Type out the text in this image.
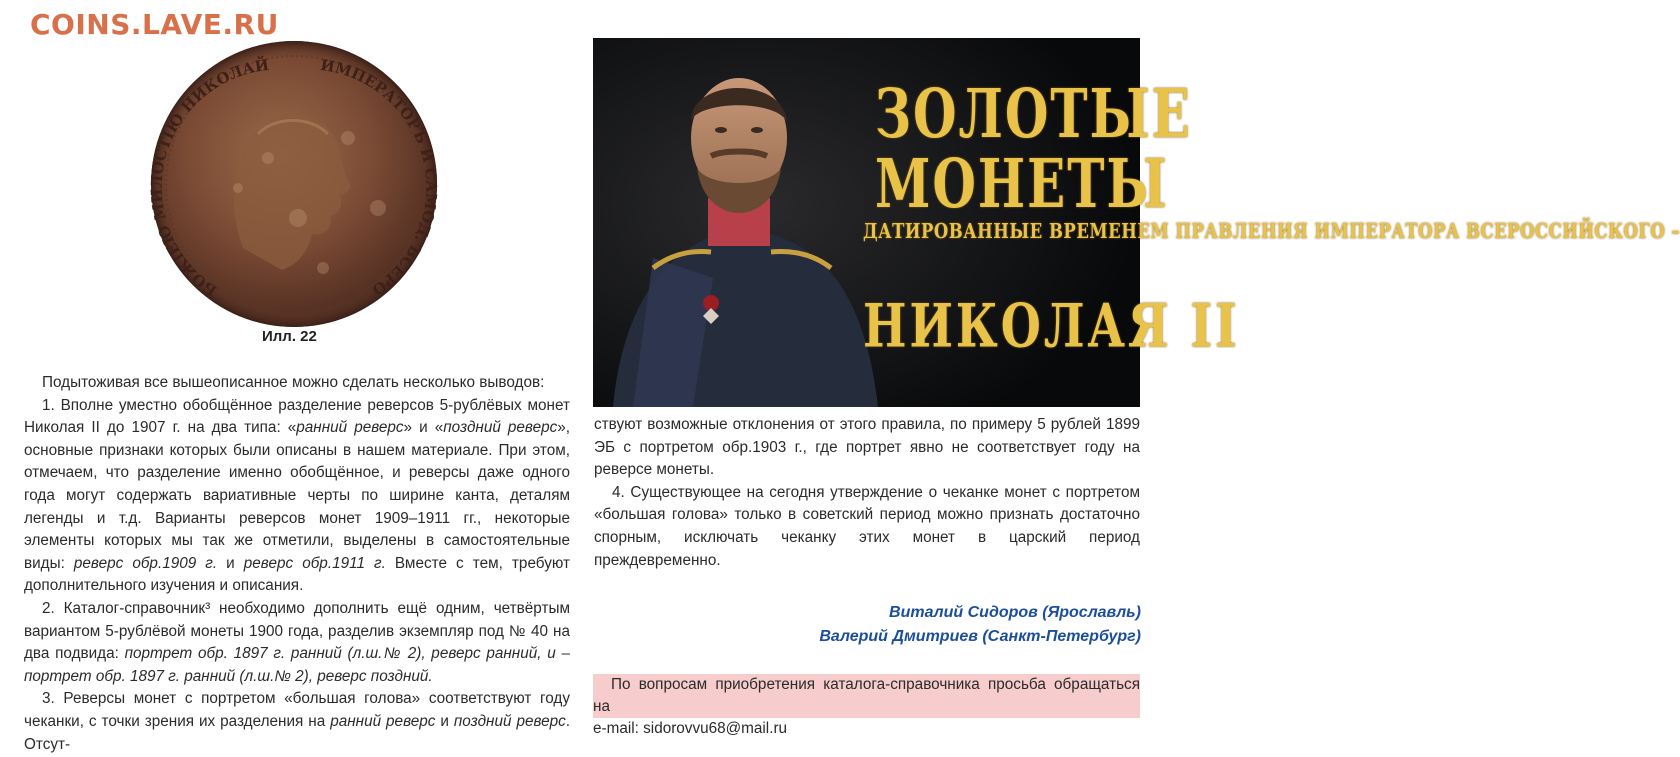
COINS.LAVE.RU
БОЖІЕЮ МИЛОСТІЮ НИКОЛАЙ	ИМПЕРАТОРЪ И САМОД. ВСЕРО
Илл. 22

Подытоживая все вышеописанное можно сделать несколько выводов:

1. Вполне уместно обобщённое разделение реверсов 5-рублёвых монет Николая II до 1907 г. на два типа: «ранний реверс» и «поздний реверс», основные признаки которых были описаны в нашем материале. При этом, отмечаем, что разделение именно обобщённое, и реверсы даже одного года могут содержать вариативные черты по ширине канта, деталям легенды и т.д. Варианты реверсов монет 1909–1911 гг., некоторые элементы которых мы так же отметили, выделены в самостоятельные виды: реверс обр.1909 г. и реверс обр.1911 г. Вместе с тем, требуют дополнительного изучения и описания.

2. Каталог-справочник³ необходимо дополнить ещё одним, четвёртым вариантом 5-рублёвой монеты 1900 года, разделив экземпляр под № 40 на два подвида: портрет обр. 1897 г. ранний (л.ш.№ 2), реверс ранний, и – портрет обр. 1897 г. ранний (л.ш.№ 2), реверс поздний.

3. Реверсы монет с портретом «большая голова» соответствуют году чеканки, с точки зрения их разделения на ранний реверс и поздний реверс. Отсут-

ЗОЛОТЫЕ
МОНЕТЫ
ДАТИРОВАННЫЕ ВРЕМЕНЕМ ПРАВЛЕНИЯ ИМПЕРАТОРА ВСЕРОССИЙСКОГО –
НИКОЛАЯ II

ствуют возможные отклонения от этого правила, по примеру 5 рублей 1899 ЭБ с портретом обр.1903 г., где портрет явно не соответствует году на реверсе монеты.

4. Существующее на сегодня утверждение о чеканке монет с портретом «большая голова» только в советский период можно признать достаточно спорным, исключать чеканку этих монет в царский период преждевременно.

Виталий Сидоров (Ярославль)
Валерий Дмитриев (Санкт-Петербург)

По вопросам приобретения каталога-справочника просьба обращаться на

e-mail: sidorovvu68@mail.ru
